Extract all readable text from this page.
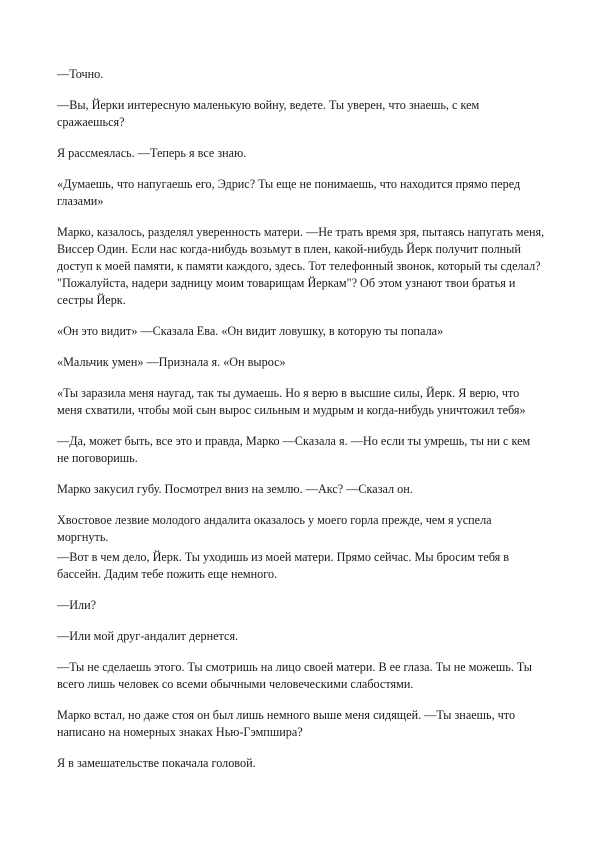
—Точно.

—Вы, Йерки интересную маленькую войну, ведете. Ты уверен, что знаешь, с кем
сражаешься?

Я рассмеялась. —Теперь я все знаю.

«Думаешь, что напугаешь его, Эдрис? Ты еще не понимаешь, что находится прямо перед
глазами»

Марко, казалось, разделял уверенность матери. —Не трать время зря, пытаясь напугать меня,
Виссер Один. Если нас когда-нибудь возьмут в плен, какой-нибудь Йерк получит полный
доступ к моей памяти, к памяти каждого, здесь. Тот телефонный звонок, который ты сделал?
"Пожалуйста, надери задницу моим товарищам Йеркам"? Об этом узнают твои братья и
сестры Йерк.

«Он это видит» —Сказала Ева. «Он видит ловушку, в которую ты попала»

«Мальчик умен» —Признала я. «Он вырос»

«Ты заразила меня наугад, так ты думаешь. Но я верю в высшие силы, Йерк. Я верю, что
меня схватили, чтобы мой сын вырос сильным и мудрым и когда-нибудь уничтожил тебя»

—Да, может быть, все это и правда, Марко —Сказала я. —Но если ты умрешь, ты ни с кем
не поговоришь.

Марко закусил губу. Посмотрел вниз на землю. —Акс? —Сказал он.

Хвостовое лезвие молодого андалита оказалось у моего горла прежде, чем я успела
моргнуть.

—Вот в чем дело, Йерк. Ты уходишь из моей матери. Прямо сейчас. Мы бросим тебя в
бассейн. Дадим тебе пожить еще немного.

—Или?

—Или мой друг-андалит дернется.

—Ты не сделаешь этого. Ты смотришь на лицо своей матери. В ее глаза. Ты не можешь. Ты
всего лишь человек со всеми обычными человеческими слабостями.

Марко встал, но даже стоя он был лишь немного выше меня сидящей. —Ты знаешь, что
написано на номерных знаках Нью-Гэмпшира?

Я в замешательстве покачала головой.
